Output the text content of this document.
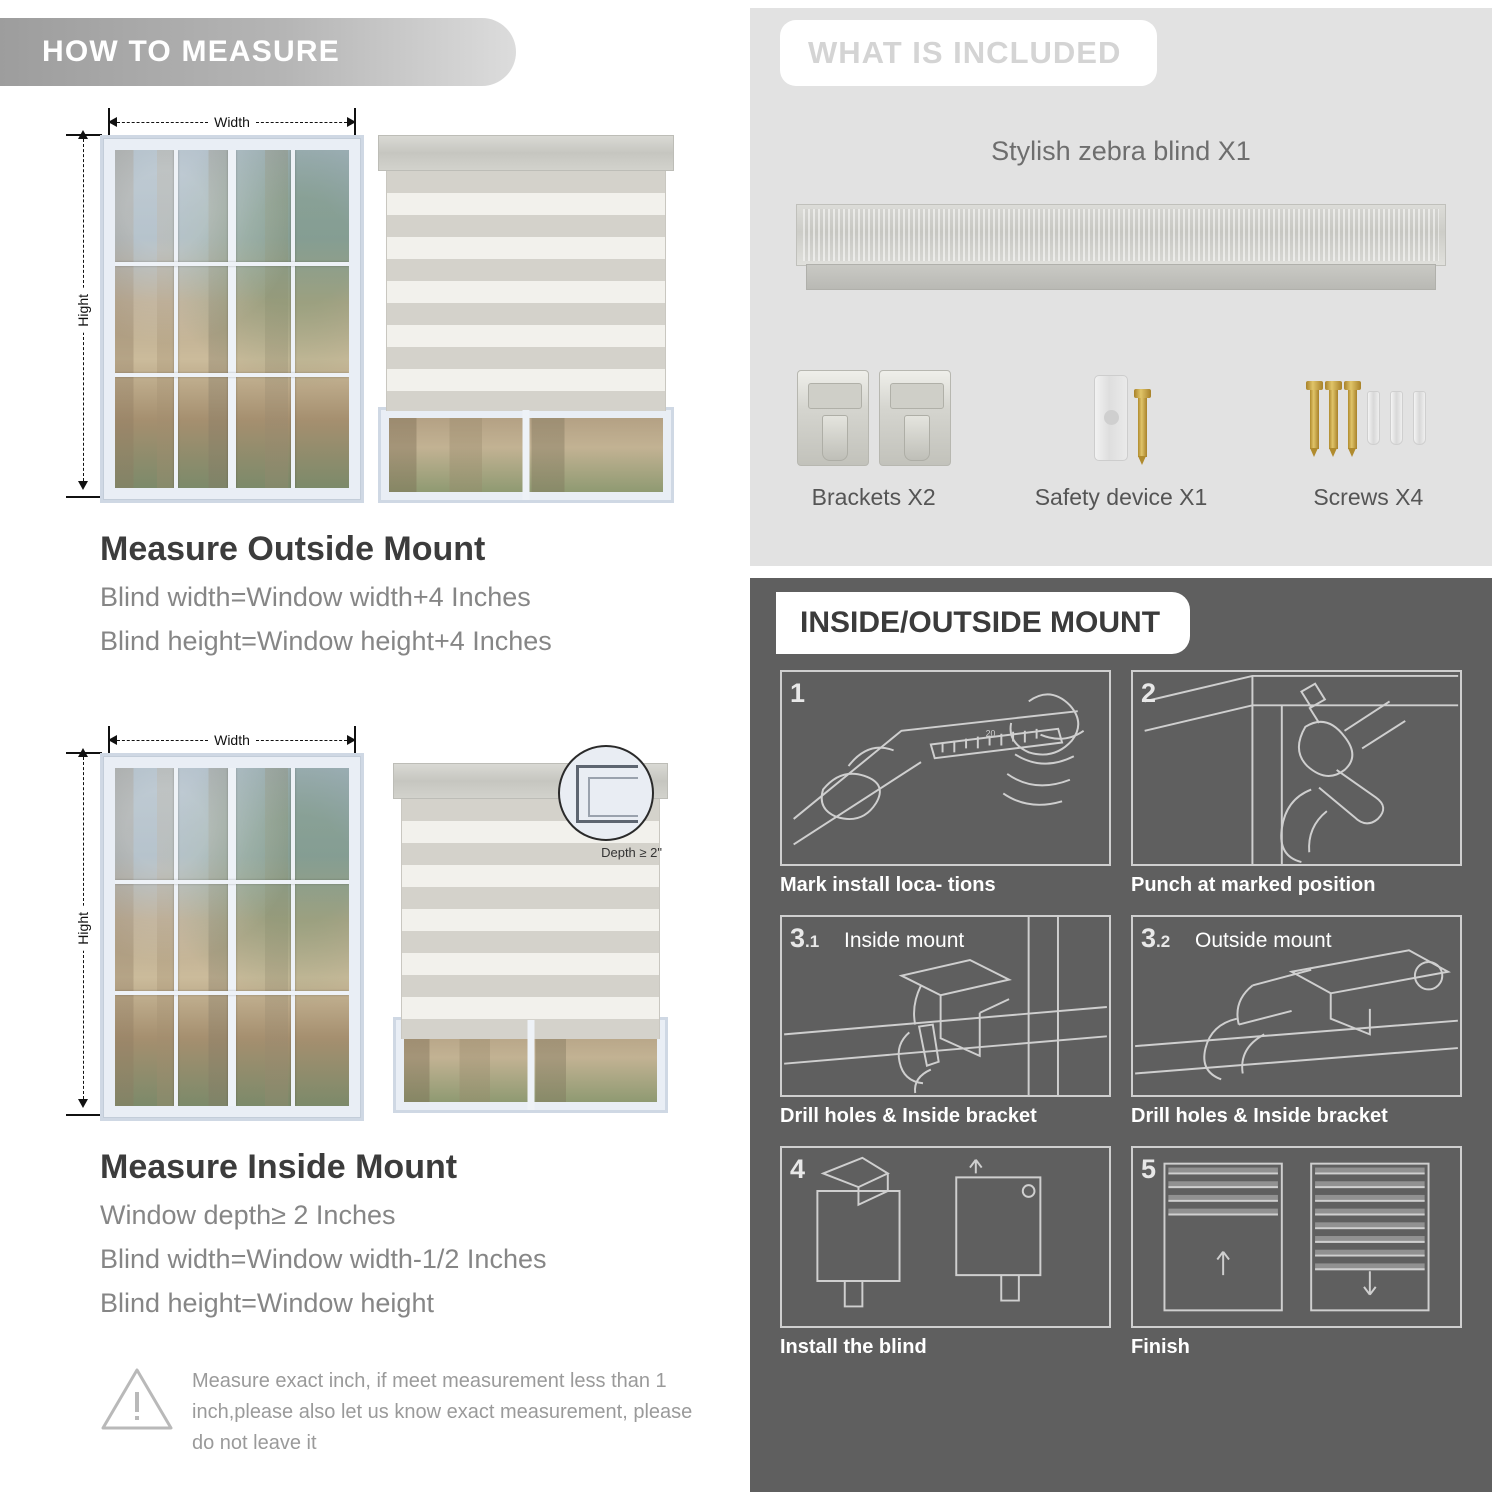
HOW TO MEASURE
Width
Hight
Measure Outside Mount
Blind width=Window width+4 Inches
Blind height=Window height+4 Inches
Width
Hight
Depth ≥ 2"
Measure Inside Mount
Window depth≥ 2 Inches
Blind width=Window width-1/2 Inches
Blind height=Window height
Measure exact inch, if meet measurement less than 1 inch,please also let us know exact measurement, please do not leave it
WHAT IS INCLUDED
Stylish zebra blind X1
Brackets X2	Safety device X1	Screws X4
INSIDE/OUTSIDE MOUNT
20
1
Mark install loca- tions
2
Punch at marked position
3.1 Inside mount
Drill holes & Inside bracket
3.2 Outside mount
Drill holes & Inside bracket
4
Install the blind
5
Finish
